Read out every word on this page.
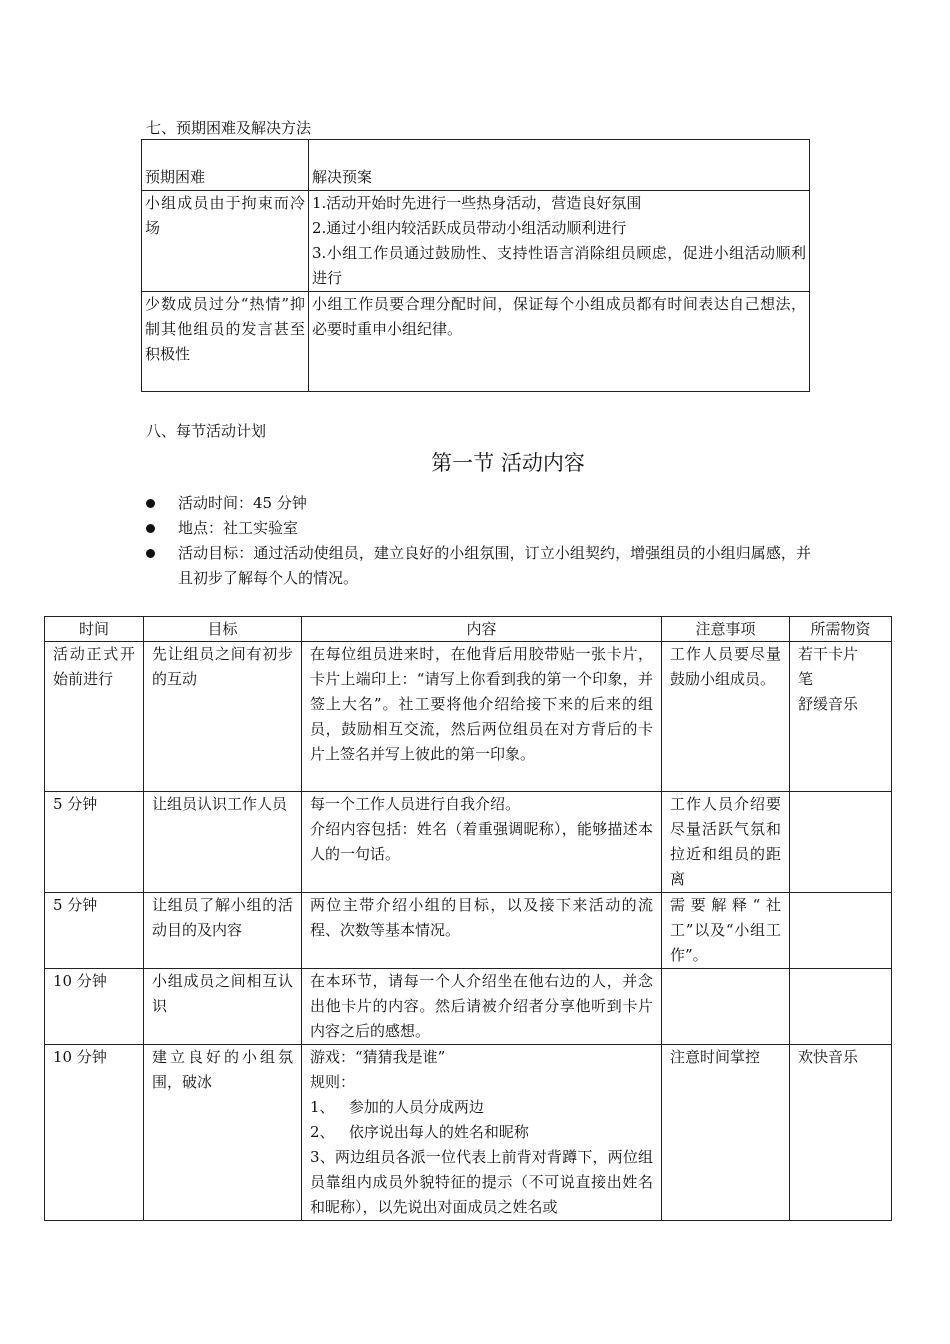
七、预期困难及解决方法
预期困难	解决预案
小组成员由于拘束而冷场	1.活动开始时先进行一些热身活动，营造良好氛围
2.通过小组内较活跃成员带动小组活动顺利进行
3.小组工作员通过鼓励性、支持性语言消除组员顾虑，促进小组活动顺利进行

少数成员过分“热情”抑制其他组员的发言甚至积极性	小组工作员要合理分配时间，保证每个小组成员都有时间表达自己想法，必要时重申小组纪律。
八、每节活动计划
第一节 活动内容
活动时间：45 分钟
地点：社工实验室
活动目标：通过活动使组员，建立良好的小组氛围，订立小组契约，增强组员的小组归属感，并且初步了解每个人的情况。
时间	目标	内容	注意事项	所需物资
活动正式开始前进行	先让组员之间有初步的互动	在每位组员进来时，在他背后用胶带贴一张卡片，卡片上端印上：“请写上你看到我的第一个印象，并签上大名”。社工要将他介绍给接下来的后来的组员，鼓励相互交流，然后两位组员在对方背后的卡片上签名并写上彼此的第一印象。	工作人员要尽量鼓励小组成员。	若干卡片
笔
舒缓音乐

5 分钟	让组员认识工作人员	每一个工作人员进行自我介绍。
介绍内容包括：姓名（着重强调昵称），能够描述本人的一句话。	工作人员介绍要尽量活跃气氛和拉近和组员的距离	
5 分钟	让组员了解小组的活动目的及内容	两位主带介绍小组的目标，以及接下来活动的流程、次数等基本情况。	需要解释“社工”以及“小组工作”。	
10 分钟	小组成员之间相互认识	在本环节，请每一个人介绍坐在他右边的人，并念出他卡片的内容。然后请被介绍者分享他听到卡片内容之后的感想。		
10 分钟	建立良好的小组氛围，破冰	游戏：“猜猜我是谁”
规则：
1、   参加的人员分成两边
2、   依序说出每人的姓名和昵称
3、两边组员各派一位代表上前背对背蹲下，两位组员靠组内成员外貌特征的提示（不可说直接出姓名和昵称），以先说出对面成员之姓名或	注意时间掌控	欢快音乐
